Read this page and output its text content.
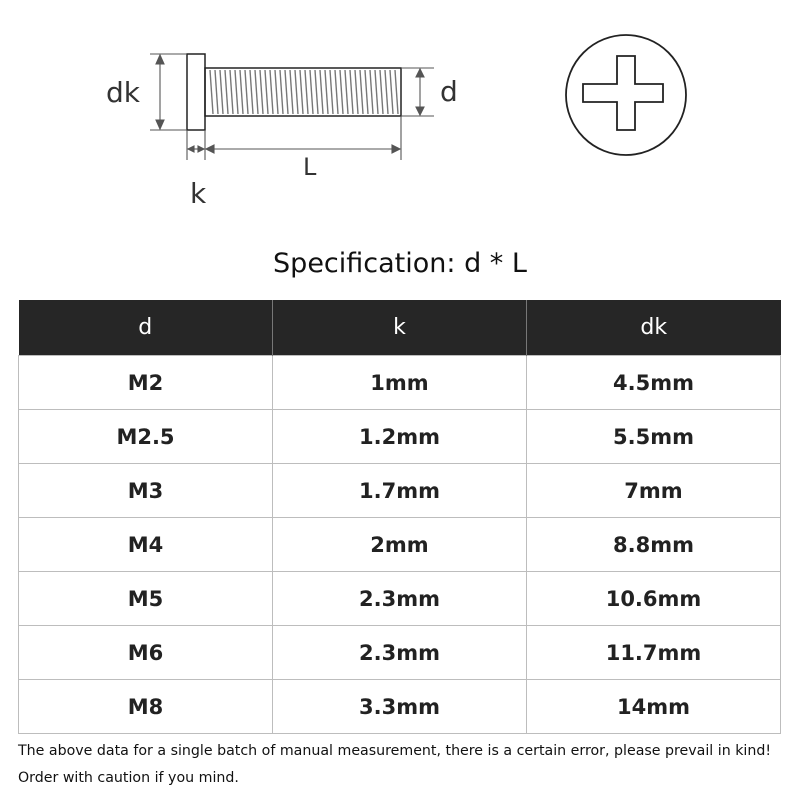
dk	d
L
k
Specification: d * L
d	k	dk
M2	1mm	4.5mm
M2.5	1.2mm	5.5mm
M3	1.7mm	7mm
M4	2mm	8.8mm
M5	2.3mm	10.6mm
M6	2.3mm	11.7mm
M8	3.3mm	14mm
The above data for a single batch of manual measurement, there is a certain error, please prevail in kind! Order with caution if you mind.
